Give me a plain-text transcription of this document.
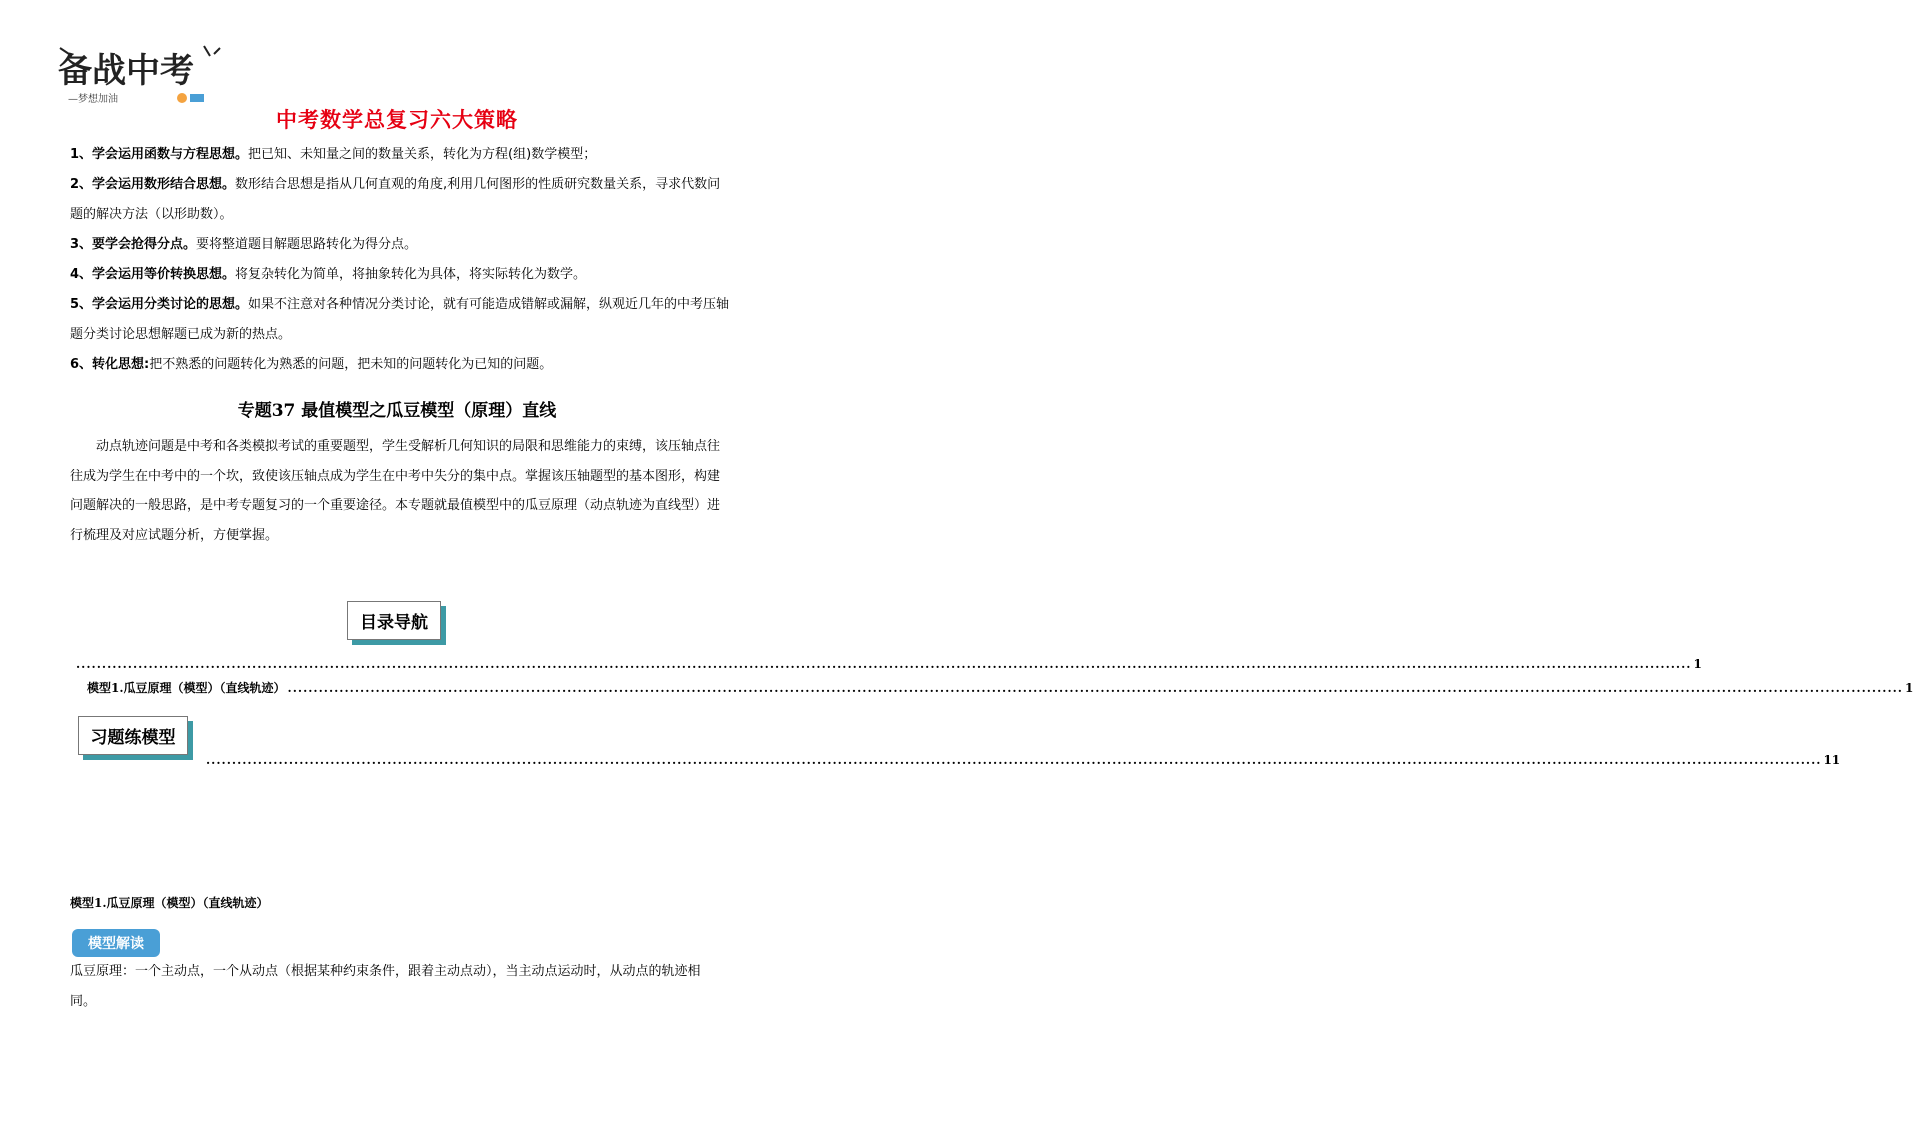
备战中考
—梦想加油
中考数学总复习六大策略

1、学会运用函数与方程思想。把已知、未知量之间的数量关系，转化为方程(组)数学模型；

2、学会运用数形结合思想。数形结合思想是指从几何直观的角度,利用几何图形的性质研究数量关系，寻求代数问题的解决方法（以形助数）。

3、要学会抢得分点。要将整道题目解题思路转化为得分点。

4、学会运用等价转换思想。将复杂转化为简单，将抽象转化为具体，将实际转化为数学。

5、学会运用分类讨论的思想。如果不注意对各种情况分类讨论，就有可能造成错解或漏解，纵观近几年的中考压轴题分类讨论思想解题已成为新的热点。

6、转化思想:把不熟悉的问题转化为熟悉的问题，把未知的问题转化为已知的问题。

专题37 最值模型之瓜豆模型（原理）直线

动点轨迹问题是中考和各类模拟考试的重要题型，学生受解析几何知识的局限和思维能力的束缚，该压轴点往往成为学生在中考中的一个坎，致使该压轴点成为学生在中考中失分的集中点。掌握该压轴题型的基本图形，构建问题解决的一般思路，是中考专题复习的一个重要途径。本专题就最值模型中的瓜豆原理（动点轨迹为直线型）进行梳理及对应试题分析，方便掌握。

目录导航
........................................................................................................................................................................................................................................................................................................................ 1
模型1.瓜豆原理（模型）（直线轨迹） ........................................................................................................................................................................................................................................................................................................................ 1
习题练模型
........................................................................................................................................................................................................................................................................................................................ 11
模型1.瓜豆原理（模型）（直线轨迹）
模型解读

瓜豆原理：一个主动点，一个从动点（根据某种约束条件，跟着主动点动），当主动点运动时，从动点的轨迹相同。
